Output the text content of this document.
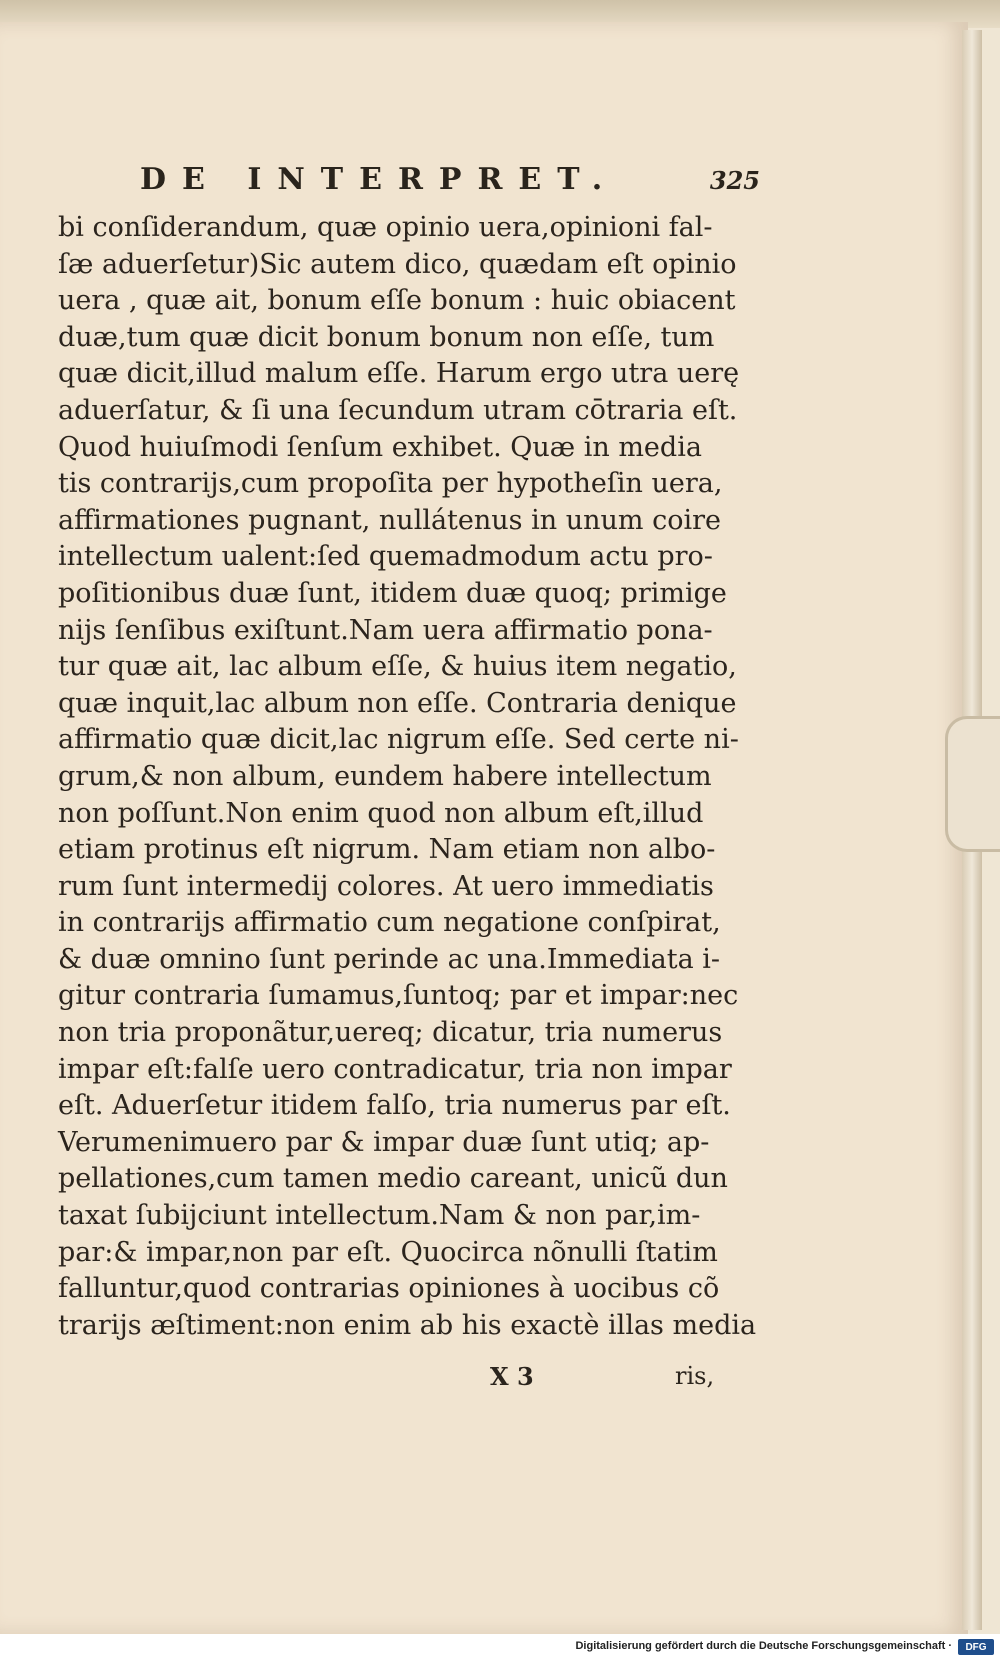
DE INTERPRET.	325
bi conſiderandum, quæ opinio uera,opinioni fal-
ſæ aduerſetur)Sic autem dico, quædam eſt opinio
uera , quæ ait, bonum eſſe bonum : huic obiacent
duæ,tum quæ dicit bonum bonum non eſſe, tum
quæ dicit,illud malum eſſe. Harum ergo utra uerę
aduerſatur, & ſi una ſecundum utram cōtraria eſt.
Quod huiuſmodi ſenſum exhibet. Quæ in media
tis contrarijs,cum propoſita per hypotheſin uera,
affirmationes pugnant, nullátenus in unum coire
intellectum ualent:ſed quemadmodum actu pro-
poſitionibus duæ ſunt, itidem duæ quoq; primige
nijs ſenſibus exiſtunt.Nam uera affirmatio pona-
tur quæ ait, lac album eſſe, & huius item negatio,
quæ inquit,lac album non eſſe. Contraria denique
affirmatio quæ dicit,lac nigrum eſſe. Sed certe ni-
grum,& non album, eundem habere intellectum
non poſſunt.Non enim quod non album eſt,illud
etiam protinus eſt nigrum. Nam etiam non albo-
rum ſunt intermedij colores. At uero immediatis
in contrarijs affirmatio cum negatione conſpirat,
& duæ omnino ſunt perinde ac una.Immediata i-
gitur contraria ſumamus,ſuntoq; par et impar:nec
non tria proponãtur,uereq; dicatur, tria numerus
impar eſt:falſe uero contradicatur, tria non impar
eſt. Aduerſetur itidem falſo, tria numerus par eſt.
Verumenimuero par & impar duæ ſunt utiq; ap-
pellationes,cum tamen medio careant, unicũ dun
taxat ſubijciunt intellectum.Nam & non par,im-
par:& impar,non par eſt. Quocirca nõnulli ſtatim
falluntur,quod contrarias opiniones à uocibus cõ
trarijs æſtiment:non enim ab his exactè illas media
X 3	ris,
Digitalisierung gefördert durch die Deutsche Forschungsgemeinschaft ·	DFG
